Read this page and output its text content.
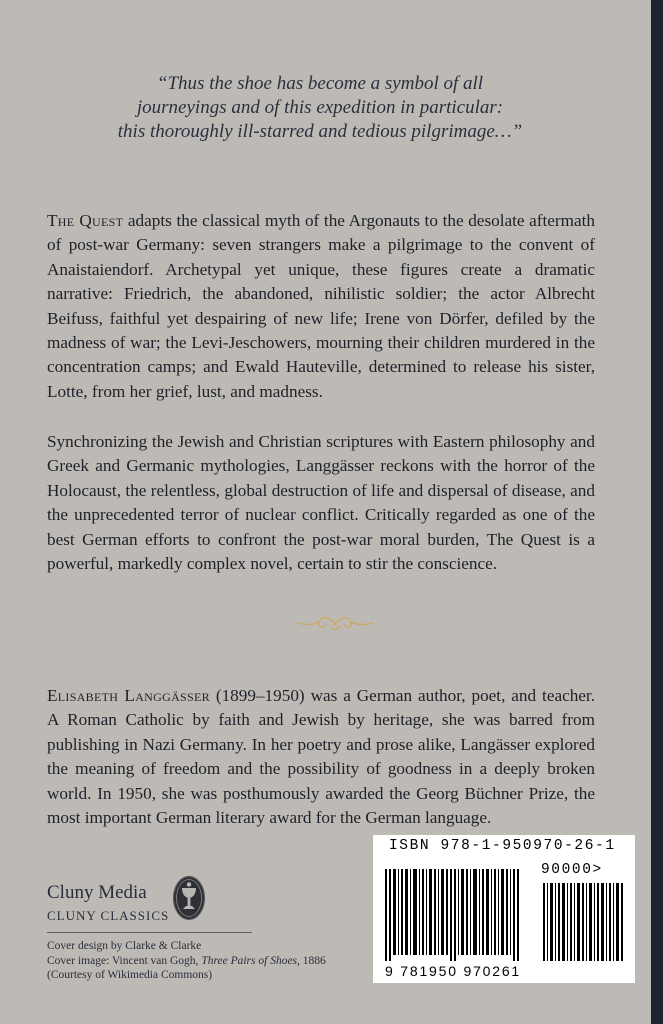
“Thus the shoe has become a symbol of all
journeyings and of this expedition in particular:
this thoroughly ill-starred and tedious pilgrimage…”
The Quest adapts the classical myth of the Argonauts to the desolate aftermath of post-war Germany: seven strangers make a pilgrimage to the convent of Anaistaiendorf. Archetypal yet unique, these figures create a dramatic narrative: Friedrich, the abandoned, nihilistic soldier; the actor Albrecht Beifuss, faithful yet despairing of new life; Irene von Dörfer, defiled by the madness of war; the Levi-Jeschowers, mourning their children murdered in the concentration camps; and Ewald Hauteville, determined to release his sister, Lotte, from her grief, lust, and madness.
Synchronizing the Jewish and Christian scriptures with Eastern philosophy and Greek and Germanic mythologies, Langgässer reckons with the horror of the Holocaust, the relentless, global destruction of life and dispersal of disease, and the unprecedented terror of nuclear conflict. Critically regarded as one of the best German efforts to confront the post-war moral burden, The Quest is a powerful, markedly complex novel, certain to stir the conscience.
Elisabeth Langgässer (1899–1950) was a German author, poet, and teacher. A Roman Catholic by faith and Jewish by heritage, she was barred from publishing in Nazi Germany. In her poetry and prose alike, Langässer explored the meaning of freedom and the possibility of goodness in a deeply broken world. In 1950, she was posthumously awarded the Georg Büchner Prize, the most important German literary award for the German language.
Cluny Media
CLUNY CLASSICS
Cover design by Clarke & Clarke
Cover image: Vincent van Gogh, Three Pairs of Shoes, 1886
(Courtesy of Wikimedia Commons)
ISBN 978-1-950970-26-1
90000>
9 781950 970261
